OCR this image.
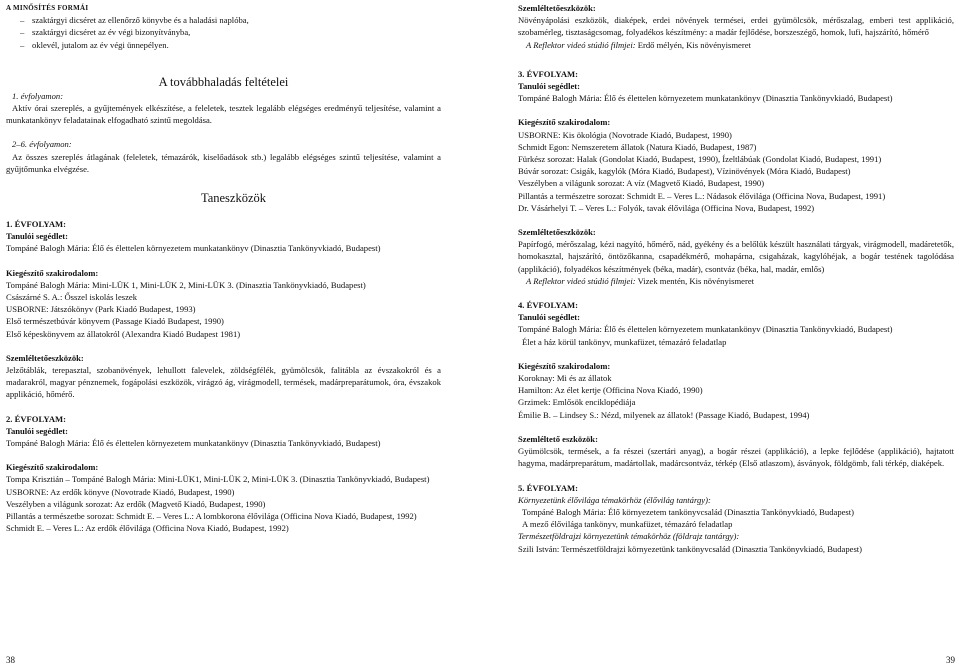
A MINŐSÍTÉS FORMÁI

– szaktárgyi dicséret az ellenőrző könyvbe és a haladási naplóba,

– szaktárgyi dicséret az év végi bizonyítványba,

– oklevél, jutalom az év végi ünnepélyen.

A továbbhaladás feltételei

1. évfolyamon:

Aktív órai szereplés, a gyűjtemények elkészítése, a feleletek, tesztek legalább elégséges eredményű teljesítése, valamint a munkatankönyv feladatainak elfogadható szintű megoldása.

2–6. évfolyamon:

Az összes szereplés átlagának (feleletek, témazárók, kiselőadások stb.) legalább elégséges szintű teljesítése, valamint a gyűjtőmunka elvégzése.

Taneszközök

1. ÉVFOLYAM:

Tanulói segédlet:

Tompáné Balogh Mária: Élő és élettelen környezetem munkatankönyv (Dinasztia Tankönyvkiadó, Budapest)

Kiegészítő szakirodalom:

Tompáné Balogh Mária: Mini-LÜK 1, Mini-LÜK 2, Mini-LÜK 3. (Dinasztia Tankönyvkiadó, Budapest)

Császárné S. A.: Ősszel iskolás leszek

USBORNE: Játszókönyv (Park Kiadó Budapest, 1993)

Első természetbúvár könyvem (Passage Kiadó Budapest, 1990)

Első képeskönyvem az állatokról (Alexandra Kiadó Budapest 1981)

Szemléltetőeszközök:

Jelzőtáblák, terepasztal, szobanövények, lehullott falevelek, zöldségfélék, gyümölcsök, falitábla az évszakokról és a madarakról, magyar pénznemek, fogápolási eszközök, virágzó ág, virágmodell, termések, madárpreparátumok, óra, évszakok applikáció, hőmérő.

2. ÉVFOLYAM:

Tanulói segédlet:

Tompáné Balogh Mária: Élő és élettelen környezetem munkatankönyv (Dinasztia Tankönyvkiadó, Budapest)

Kiegészítő szakirodalom:

Tompa Krisztián – Tompáné Balogh Mária: Mini-LÜK1, Mini-LÜK 2, Mini-LÜK 3. (Dinasztia Tankönyvkiadó, Budapest)

USBORNE: Az erdők könyve (Novotrade Kiadó, Budapest, 1990)

Veszélyben a világunk sorozat: Az erdők (Magvető Kiadó, Budapest, 1990)

Pillantás a természetbe sorozat: Schmidt E. – Veres L.: A lombkorona élővilága (Officina Nova Kiadó, Budapest, 1992)

Schmidt E. – Veres L.: Az erdők élővilága (Officina Nova Kiadó, Budapest, 1992)

38

Szemléltetőeszközök:

Növényápolási eszközök, diaképek, erdei növények termései, erdei gyümölcsök, mérőszalag, emberi test applikáció, szobamérleg, tisztaságcsomag, folyadékos készítmény: a madár fejlődése, borszeszégő, homok, lufi, hajszárító, hőmérő

A Reflektor videó stúdió filmjei: Erdő mélyén, Kis növényismeret

3. ÉVFOLYAM:

Tanulói segédlet:

Tompáné Balogh Mária: Élő és élettelen környezetem munkatankönyv (Dinasztia Tankönyvkiadó, Budapest)

Kiegészítő szakirodalom:

USBORNE: Kis ökológia (Novotrade Kiadó, Budapest, 1990)

Schmidt Egon: Nemszeretem állatok (Natura Kiadó, Budapest, 1987)

Fürkész sorozat: Halak (Gondolat Kiadó, Budapest, 1990), Ízeltlábúak (Gondolat Kiadó, Budapest, 1991)

Búvár sorozat: Csigák, kagylók (Móra Kiadó, Budapest), Vízinövények (Móra Kiadó, Budapest)

Veszélyben a világunk sorozat: A víz (Magvető Kiadó, Budapest, 1990)

Pillantás a természetre sorozat: Schmidt E. – Veres L.: Nádasok élővilága (Officina Nova, Budapest, 1991)

Dr. Vásárhelyi T. – Veres L.: Folyók, tavak élővilága (Officina Nova, Budapest, 1992)

Szemléltetőeszközök:

Papírfogó, mérőszalag, kézi nagyító, hőmérő, nád, gyékény és a belőlük készült használati tárgyak, virágmodell, madáretetők, homokasztal, hajszárító, öntözőkanna, csapadékmérő, mohapárna, csigaházak, kagylóhéjak, a bogár testének tagolódása (applikáció), folyadékos készítmények (béka, madár), csontváz (béka, hal, madár, emlős)

A Reflektor videó stúdió filmjei: Vizek mentén, Kis növényismeret

4. ÉVFOLYAM:

Tanulói segédlet:

Tompáné Balogh Mária: Élő és élettelen környezetem munkatankönyv (Dinasztia Tankönyvkiadó, Budapest)

Élet a ház körül tankönyv, munkafüzet, témazáró feladatlap

Kiegészítő szakirodalom:

Koroknay: Mi és az állatok

Hamilton: Az élet kertje (Officina Nova Kiadó, 1990)

Grzimek: Emlősök enciklopédiája

Émilie B. – Lindsey S.: Nézd, milyenek az állatok! (Passage Kiadó, Budapest, 1994)

Szemléltető eszközök:

Gyümölcsök, termések, a fa részei (szertári anyag), a bogár részei (applikáció), a lepke fejlődése (applikáció), hajtatott hagyma, madárpreparátum, madártollak, madárcsontváz, térkép (Első atlaszom), ásványok, földgömb, fali térkép, diaképek.

5. ÉVFOLYAM:

Környezetünk élővilága témakörhöz (élővilág tantárgy):

Tompáné Balogh Mária: Élő környezetem tankönyvcsalád (Dinasztia Tankönyvkiadó, Budapest)

A mező élővilága tankönyv, munkafüzet, témazáró feladatlap

Természetföldrajzi környezetünk témakörhöz (földrajz tantárgy):

Szili István: Természetföldrajzi környezetünk tankönyvcsalád (Dinasztia Tankönyvkiadó, Budapest)

39
